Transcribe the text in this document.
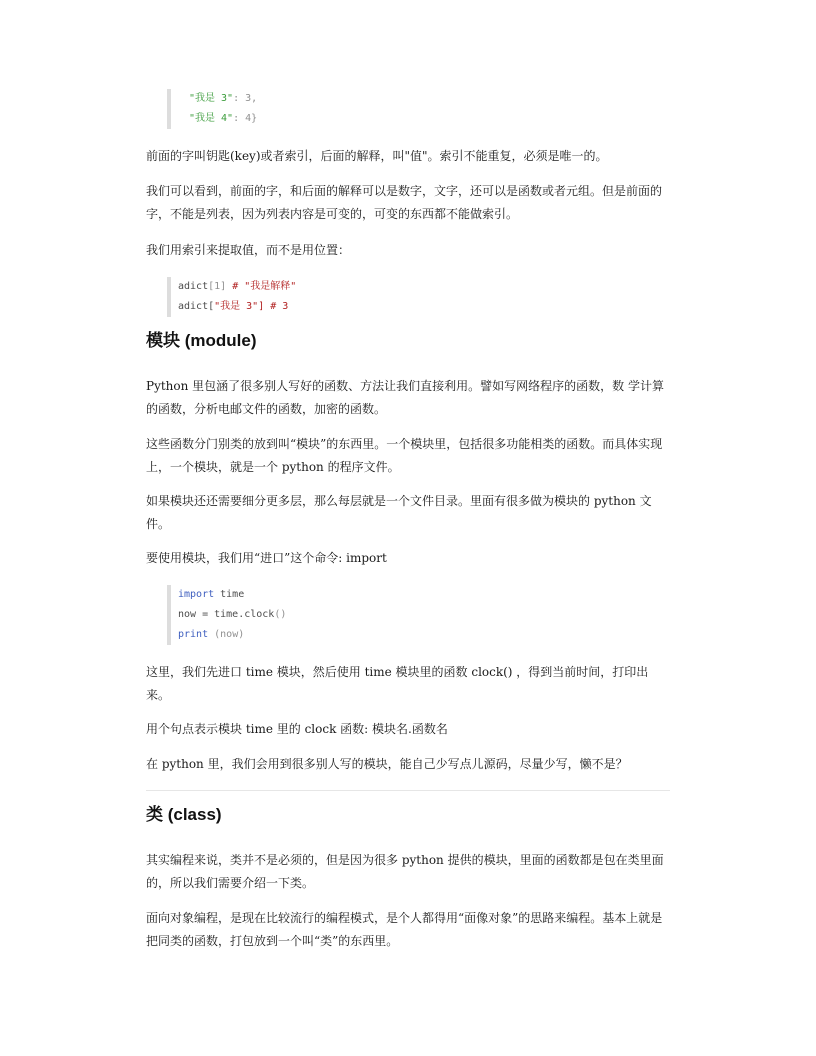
"我是 3": 3,
"我是 4": 4}
前面的字叫钥匙(key)或者索引，后面的解释，叫"值"。索引不能重复，必须是唯一的。
我们可以看到，前面的字，和后面的解释可以是数字，文字，还可以是函数或者元组。但是前面的字，不能是列表，因为列表内容是可变的，可变的东西都不能做索引。
我们用索引来提取值，而不是用位置：
adict[1] # "我是解释"
adict["我是 3"] # 3
模块 (module)
Python 里包涵了很多别人写好的函数、方法让我们直接利用。譬如写网络程序的函数，数 学计算的函数，分析电邮文件的函数，加密的函数。
这些函数分门别类的放到叫“模块”的东西里。一个模块里，包括很多功能相类的函数。而具体实现上，一个模块，就是一个 python 的程序文件。
如果模块还还需要细分更多层，那么每层就是一个文件目录。里面有很多做为模块的 python 文件。
要使用模块，我们用“进口”这个命令: import
import time
now = time.clock()
print (now)
这里，我们先进口 time 模块，然后使用 time 模块里的函数 clock() ，得到当前时间，打印出来。
用个句点表示模块 time 里的 clock 函数: 模块名.函数名
在 python 里，我们会用到很多别人写的模块，能自己少写点儿源码，尽量少写，懒不是？
类 (class)
其实编程来说，类并不是必须的，但是因为很多 python 提供的模块，里面的函数都是包在类里面的，所以我们需要介绍一下类。
面向对象编程，是现在比较流行的编程模式，是个人都得用“面像对象”的思路来编程。基本上就是把同类的函数，打包放到一个叫“类”的东西里。
